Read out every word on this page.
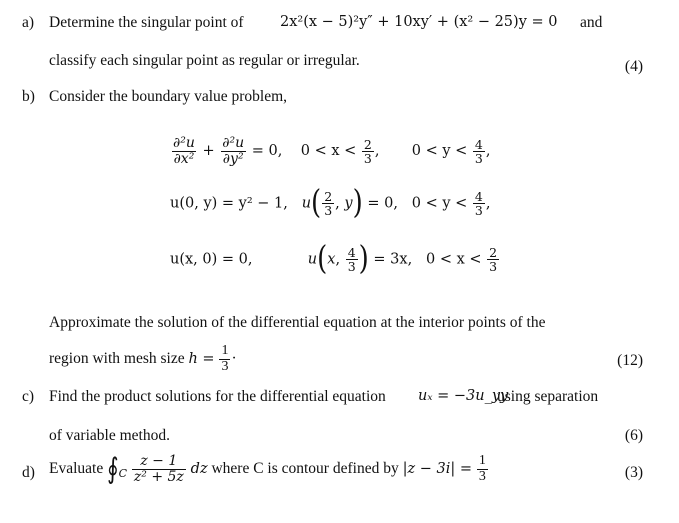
a) Determine the singular point of	2x²(x − 5)²y″ + 10xy′ + (x² − 25)y = 0 and
classify each singular point as regular or irregular.	(4)
b) Consider the boundary value problem,
$\frac{\text{∂²u}}{\text{∂x²}} + \frac{\text{∂²u}}{\text{∂y²}} = 0$, $0 < x < \frac{2}{3}$ ,       $0 < y < \frac{4}{3}$ ,
u(0, y) = y² − 1, $u( \frac{2}{3}$ , y) = 0, $0 < y < \frac{4}{3}$ ,
u(x, 0) = 0,	u(x, $\frac{4}{3}$ ) = 3x, $0 < x < \frac{2}{3}$
Approximate the solution of the differential equation at the interior points of the
region with mesh size $h = \frac{1}{3}$ ·	(12)
c) Find the product solutions for the differential equation uₓ = −3u_yy
using separation
of variable method.	(6)
d) Evaluate $∮_C \frac{z - 1}{\text{z² + 5z}}$ dz where C is contour defined by $|z - 3i| = \frac{1}{3}$	(3)
